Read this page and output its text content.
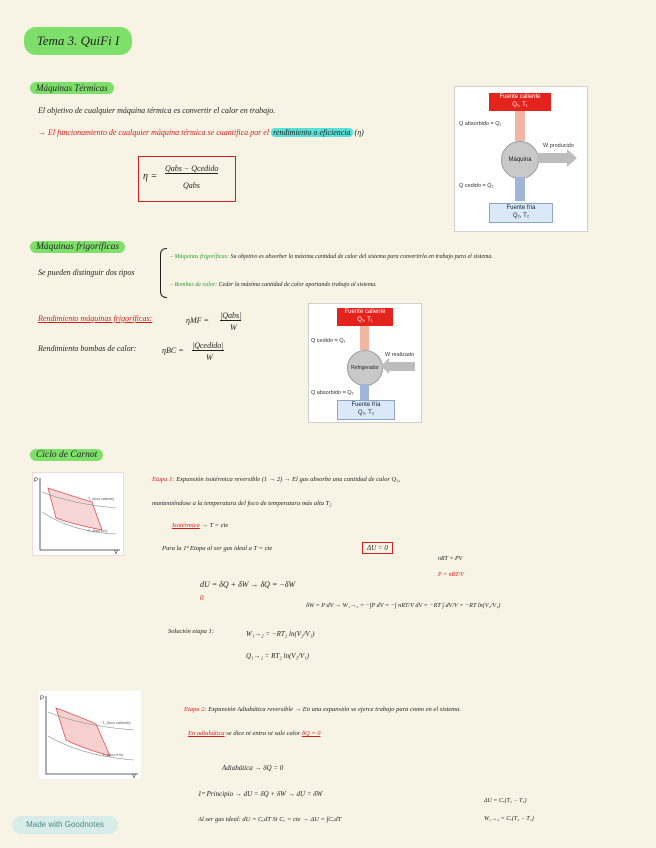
Tema 3. QuiFi I
Máquinas Térmicas
El objetivo de cualquier máquina térmica es convertir el calor en trabajo.
→ El funcionamiento de cualquier máquina térmica se cuantifica por el rendimiento o eficiencia (η)
η =
Qabs − Qcedido
Qabs
Fuente caliente
Q₁, T₁
Q absorbido = Q₁
Máquina
W producido
Q cedido = Q₂
Fuente fría
Q₂, T₂
Máquinas frigoríficas
Se pueden distinguir dos tipos
– Máquinas frigoríficas: Su objetivo es absorber la máxima cantidad de calor del sistema para convertirla en trabajo para el sistema.
– Bombas de calor: Ceder la máxima cantidad de calor aportando trabajo al sistema.
Rendimiento máquinas frigoríficas:	ηMF =
|Qabs|
W
Rendimiento bombas de calor:	ηBC =
|Qcedido|
W
Fuente caliente
Q₁, T₁
Q cedido = Q₁
Refrigerador
W realizado
Q absorbido = Q₂
Fuente fría
Q₂, T₂
Ciclo de Carnot
P
V
T₁ (foco caliente)
T₂ (foco frío)
Etapa 1: Expansión isotérmica reversible (1 → 2) → El gas absorbe una cantidad de calor Q₁,
manteniéndose a la temperatura del foco de temperatura más alta T₂
Isotérmica → T = cte
Para la 1ª Etapa al ser gas ideal a T = cte	ΔU = 0
nRT = PV
P = nRT/V
dU = δQ + δW → δQ = −δW
0
δW = P·dV → W₁→₂ = −∫P dV = −∫ nRT/V dV = −RT ∫ dV/V = −RT ln(V₂/V₁)
Solución etapa 1:	W₁→₂ = −RT₂ ln(V₂/V₁)
Q₁→₂ = RT₂ ln(V₂/V₁)
P
V
T₁ (foco caliente)
T₂ (foco frío)
Etapa 2: Expansión Adiabática reversible → En una expansión se ejerce trabajo para como en el sistema.
En adiabática se dice ni entra ni sale calor δQ = 0
Adiabática → δQ = 0
1ᵉʳ Principio → dU = δQ + δW → dU = δW
ΔU = Cᵥ(T₂ − T₁)
Al ser gas ideal: dU = CᵥdT Si Cᵥ = cte → ΔU = ∫CᵥdT	W₂→₃ = Cᵥ(T₂ − T₁)
Made with Goodnotes
